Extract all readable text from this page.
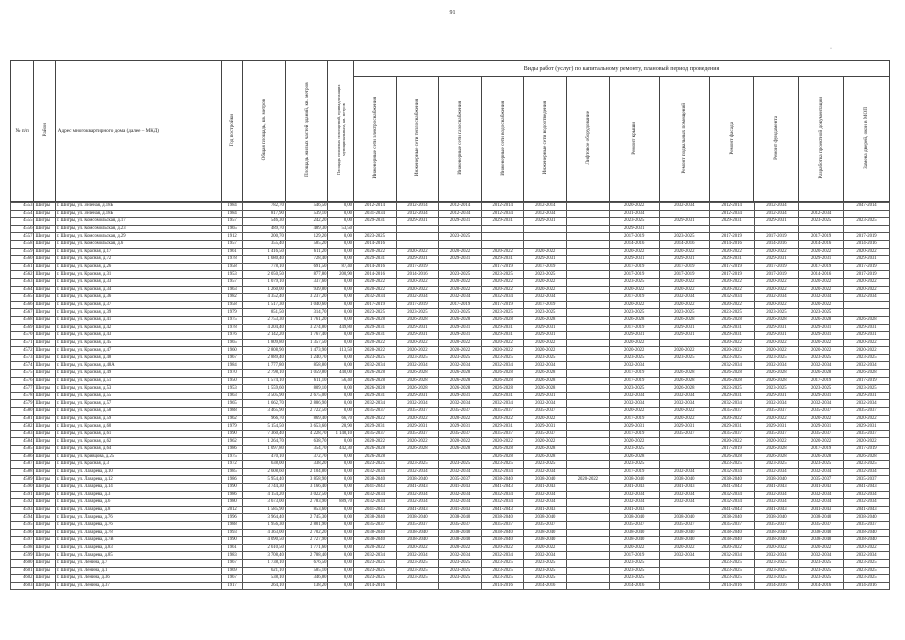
91
·
№ п/п	Район	Адрес многоквартирного дома (далее – МКД)	Год постройки	Общая площадь, кв. метров	Площадь жилых частей зданий, кв. метров	Площадь нежилых помещений, принадлежащих муниципальным, кв. метров	Виды работ (услуг) по капитальному ремонту, плановый период проведения											
							Инженерные сети электроснабжения	Инженерные сети теплоснабжения	Инженерные сети газоснабжения	Инженерные сети водоснабжения	Инженерные сети водоотведения	Лифтовое оборудование	Ремонт крыши	Ремонт подвальных помещений	Ремонт фасада	Ремонт фундамента	Разработка проектной документации	Замена дверей, окон в МОП
4553	Шигры	г. Шигры, ул. Зеленая, д.18Б	1984	782,70	546,50	0,00	2012-2014	2012-2014	2012-2014	2012-2014	2012-2014		2020-2022	2032-2034	2012-2014	2012-2034		2047-2014
4554	Шигры	г. Шигры, ул. Зеленая, д.18Б	1984	817,90	539,10	0,00	2031-2034	2012-2034	2012-2034	2012-2034	2012-2034		2031-2034		2012-2034	2012-2034	2012-2034	
4555	Шигры	г. Шигры, ул. Комсомольская, д.17	1957	546,30	242,20	0,00	2029-2031	2029-2031	2029-2031	2029-2031	2029-2031		2023-2025	2029-2031	2029-2031	2029-2031	2023-2025	2023-2025
4556	Шигры	г. Шигры, ул. Комсомольская, д.23	1965	489,70	489,30	53,50							2029-2031					
4557	Шигры	г. Шигры, ул. Комсомольская, д.29	1912	200,70	129,20	0,00	2023-2025		2023-2025				2017-2019	2023-2025	2017-2019	2017-2019	2017-2019	2017-2019
4558	Шигры	г. Шигры, ул. Комсомольская, д.6	1957	355,40	585,20	0,00	2014-2016						2014-2016	2014-2016	2014-2016	2014-2016	2014-2016	2014-2016
4559	Шигры	г. Шигры, ул. Красная, д.17	1961	1 416,50	611,20	0,00	2020-2022	2020-2022	2020-2022	2020-2022	2020-2022		2020-2022	2020-2022	2020-2022	2020-2022	2020-2022	2020-2022
4560	Шигры	г. Шигры, ул. Красная, д.72	1978	1 680,40	728,40	0,00	2029-2031	2029-2031	2029-2031	2029-2031	2029-2031		2029-2031	2029-2031	2029-2031	2029-2031	2029-2031	2029-2031
4561	Шигры	г. Шигры, ул. Красная, д.26	1958	778,10	691,50	87,40	2014-2016	2017-2019		2017-2019	2017-2019		2017-2019	2017-2019	2017-2019	2017-2019	2017-2019	2017-2019
4562	Шигры	г. Шигры, ул. Красная, д.31	1953	2 050,50	877,80	200,90	2014-2016	2014-2016	2023-2025	2023-2025	2023-2025		2017-2019	2017-2019	2017-2019	2017-2019	2014-2016	2017-2019
4563	Шигры	г. Шигры, ул. Красная, д.33	1957	1 079,10	337,60	0,00	2020-2022	2020-2022	2020-2022	2020-2022	2020-2022		2023-2025	2020-2022	2020-2022	2020-2022	2020-2022	2020-2022
4564	Шигры	г. Шигры, ул. Красная, д.34	1963	1 260,00	939,80	0,00	2020-2022	2020-2022	2020-2022	2020-2022	2020-2022		2020-2022	2020-2022	2020-2022	2020-2022	2020-2022	2020-2022
4565	Шигры	г. Шигры, ул. Красная, д.36	1982	4 352,40	3 237,20	0,00	2032-2034	2032-2034	2032-2034	2032-2034	2032-2034		2017-2019	2032-2034	2032-2034	2032-2034	2032-2034	2032-2034
4566	Шигры	г. Шигры, ул. Красная, д.37	1958	1 517,30	1 040,60	0,00	2017-2019	2017-2019	2017-2019	2017-2019	2017-2019		2020-2022	2020-2022	2020-2022	2020-2022	2020-2022	
4567	Шигры	г. Шигры, ул. Красная, д.39	1979	851,50	314,70	0,00	2023-2025	2023-2025	2023-2025	2023-2025	2023-2025		2023-2025	2023-2025	2023-2025	2023-2025	2023-2025	
4568	Шигры	г. Шигры, ул. Красная, д.41	1975	2 753,30	1 761,20	0,00	2026-2028	2026-2028	2026-2028	2026-2028	2026-2028		2026-2028	2026-2028	2026-2028	2026-2028	2026-2028	2026-2028
4569	Шигры	г. Шигры, ул. Красная, д.42	1978	4 204,40	3 274,80	449,80	2029-2031	2029-2031	2029-2031	2029-2031	2029-2031		2017-2019	2029-2031	2029-2031	2029-2031	2029-2031	2029-2031
4570	Шигры	г. Шигры, ул. Красная, д.43	1976	2 142,20	1 767,40	0,00	2029-2031	2029-2031	2029-2031	2029-2031	2029-2031		2029-2031	2029-2031	2029-2031	2029-2031	2029-2031	2029-2031
4571	Шигры	г. Шигры, ул. Красная, д.45	1965	1 809,80	1 357,50	0,00	2020-2022	2020-2022	2020-2022	2020-2022	2020-2022		2020-2022		2020-2022	2020-2022	2020-2022	2020-2022
4572	Шигры	г. Шигры, ул. Красная, д.47	1960	2 808,90	1 473,90	113,50	2020-2022	2020-2022	2020-2022	2020-2022	2020-2022		2020-2022	2020-2022	2020-2022	2020-2022	2020-2022	2020-2022
4573	Шигры	г. Шигры, ул. Красная, д.48	1967	2 889,40	1 240,70	0,00	2023-2025	2023-2025	2023-2025	2023-2025	2023-2025		2023-2025	2023-2025	2023-2025	2023-2025	2023-2025	2023-2025
4574	Шигры	г. Шигры, ул. Красная, д.48А	1984	1 777,80	858,80	0,00	2032-2034	2032-2034	2032-2034	2032-2034	2032-2034		2032-2034		2032-2034	2032-2034	2032-2034	2032-2034
4575	Шигры	г. Шигры, ул. Красная, д.49	1970	2 798,10	1 059,80	440,00	2026-2028	2026-2028	2026-2028	2026-2028	2026-2028		2017-2019	2026-2028	2026-2028	2026-2028	2026-2028	2026-2028
4576	Шигры	г. Шигры, ул. Красная, д.51	1950	1 574,10	611,10	56,40	2026-2028	2026-2028	2026-2028	2026-2028	2026-2028		2017-2019	2026-2028	2026-2028	2026-2028	2017-2019	2017-2019
4577	Шигры	г. Шигры, ул. Красная, д.53	1953	1 559,60	809,10	0,00	2026-2028	2026-2028	2026-2028	2026-2028	2026-2028		2023-2025	2026-2028	2023-2025	2023-2025	2023-2025	2023-2025
4578	Шигры	г. Шигры, ул. Красная, д.55	1963	3 505,90	2 675,00	0,00	2029-2031	2029-2031	2029-2031	2029-2031	2029-2031		2032-2034	2032-2034	2029-2031	2029-2031	2029-2031	2029-2031
4579	Шигры	г. Шигры, ул. Красная, д.57	1965	1 662,70	2 886,90	0,00	2032-2034	2032-2034	2032-2034	2032-2034	2032-2034		2032-2034	2032-2034	2032-2034	2032-2034	2032-2034	2032-2034
4580	Шигры	г. Шигры, ул. Красная, д.58	1988	3 465,90	2 722,50	0,00	2035-2037	2035-2037	2035-2037	2035-2037	2035-2037		2020-2022	2020-2022	2035-2037	2035-2037	2035-2037	2035-2037
4581	Шигры	г. Шигры, ул. Красная, д.59	1962	966,70	869,40	66,70	2020-2022	2020-2022	2020-2022	2020-2022	2020-2022		2017-2019	2020-2022	2020-2022	2020-2022	2020-2022	2020-2022
4582	Шигры	г. Шигры, ул. Красная, д.60	1979	5 154,50	3 653,60	28,90	2029-2031	2029-2031	2029-2031	2029-2031	2029-2031		2029-2031	2029-2031	2029-2031	2029-2031	2029-2031	2029-2031
4583	Шигры	г. Шигры, ул. Красная, д.61	1990	7 360,40	4 228,70	1 140,10	2035-2037	2035-2037	2035-2037	2035-2037	2035-2037		2017-2019	2035-2037	2035-2037	2035-2037	2035-2037	2035-2037
4584	Шигры	г. Шигры, ул. Красная, д.62	1962	1 264,70	638,70	0,00	2020-2022	2020-2022	2020-2022	2020-2022	2020-2022		2020-2022		2020-2022	2020-2022	2020-2022	2020-2022
4585	Шигры	г. Шигры, ул. Красная, д.64	1986	1 097,80	354,70	442,30	2026-2028	2026-2028	2026-2028	2026-2028	2026-2028		2023-2025		2017-2019	2026-2028	2017-2019	2017-2019
4586	Шигры	г. Шигры, ул. Кривцова, д.25	1975	470,10	372,70	0,00	2026-2028			2026-2028	2026-2028		2026-2028		2026-2028	2026-2028	2026-2028	2026-2028
4587	Шигры	г. Шигры, ул. Красная, д.3	1972	638,00	338,20	0,00	2023-2025	2023-2025	2023-2025	2023-2025	2023-2025		2023-2025		2023-2025	2023-2025	2023-2025	2023-2025
4588	Шигры	г. Шигры, ул. Лазарева, д.10	1985	2 608,60	2 104,80	0,00	2032-2034	2032-2034	2032-2034	2032-2034	2032-2034		2017-2019	2032-2034	2032-2034	2032-2034	2032-2034	2032-2034
4589	Шигры	г. Шигры, ул. Лазарева, д.12	1986	5 954,40	3 858,90	0,00	2038-2040	2038-2040	2035-2037	2038-2040	2038-2040	2020-2022	2038-2040	2038-2040	2038-2040	2038-2040	2035-2037	2035-2037
4590	Шигры	г. Шигры, ул. Лазарева, д.14	1990	3 744,30	3 166,40	0,00	2041-2043	2041-2043	2041-2043	2041-2043	2041-2043		2041-2043	2041-2043	2041-2043	2041-2043	2041-2043	2041-2043
4591	Шигры	г. Шигры, ул. Лазарева, д.3	1986	4 154,20	3 022,50	0,00	2032-2034	2032-2034	2032-2034	2032-2034	2032-2034		2032-2034	2032-2034	2032-2034	2032-2034	2032-2034	2032-2034
4592	Шигры	г. Шигры, ул. Лазарева, д.6	1980	3 673,00	2 783,90	889,70	2032-2034	2032-2034	2032-2034	2032-2034	2032-2034		2032-2034	2032-2034	2032-2034	2032-2034	2032-2034	2032-2034
4593	Шигры	г. Шигры, ул. Лазарева, д.8	2012	1 585,90	853,60	0,00	2041-2043	2041-2043	2041-2043	2041-2043	2041-2043		2041-2043		2041-2043	2041-2043	2041-2043	2041-2043
4594	Шигры	г. Шигры, ул. Лазарева, д.76	1996	3 964,40	2 745,30	0,00	2038-2040	2038-2040	2038-2040	2038-2040	2038-2040		2038-2040	2038-2040	2038-2040	2038-2040	2038-2040	2038-2040
4595	Шигры	г. Шигры, ул. Лазарева, д.76	1988	1 956,30	2 801,90	0,00	2035-2037	2035-2037	2035-2037	2035-2037	2035-2037		2035-2037	2035-2037	2035-2037	2035-2037	2035-2037	2035-2037
4596	Шигры	г. Шигры, ул. Лазарева, д.78	1993	4 363,00	2 702,20	0,00	2038-2040	2038-2040	2038-2040	2038-2040	2038-2040		2038-2040	2038-2040	2038-2040	2038-2040	2038-2040	2038-2040
4597	Шигры	г. Шигры, ул. Лазарева, д.7В	1990	4 090,50	2 727,90	0,00	2038-2040	2038-2040	2038-2040	2038-2040	2038-2040		2038-2040	2038-2040	2038-2040	2038-2040	2038-2040	2038-2040
4598	Шигры	г. Шигры, ул. Лазарева, д.83	1961	2 610,50	1 771,60	0,00	2020-2022	2020-2022	2020-2022	2020-2022	2020-2022		2020-2022	2020-2022	2020-2022	2020-2022	2020-2022	2020-2022
4599	Шигры	г. Шигры, ул. Лазарева, д.85	1983	3 708,40	2 788,40	0,00	2032-2034	2032-2034	2032-2034	2032-2034	2032-2034		2017-2019	2032-2034	2032-2034	2032-2034	2032-2034	2032-2034
4600	Шигры	г. Шигры, ул. Ленина, д.7	1967	1 738,10	676,50	0,00	2023-2025	2023-2025	2023-2025	2023-2025	2023-2025		2023-2025		2023-2025	2023-2025	2023-2025	2023-2025
4601	Шигры	г. Шигры, ул. Ленина, д.1	1969	621,10	585,10	0,00	2023-2025	2023-2025	2023-2025	2023-2025	2023-2025		2023-2025		2023-2025	2023-2025	2023-2025	2023-2025
4602	Шигры	г. Шигры, ул. Ленина, д.36	1967	538,10	346,80	0,00	2023-2025	2023-2025	2023-2025	2023-2025	2023-2025		2023-2025		2023-2025	2023-2025	2023-2025	2023-2025
4603	Шигры	г. Шигры, ул. Ленина, д.37	1917	264,10	138,20	0,00	2014-2016			2014-2016	2014-2016		2014-2016		2014-2016	2014-2016	2014-2016	2014-2016
